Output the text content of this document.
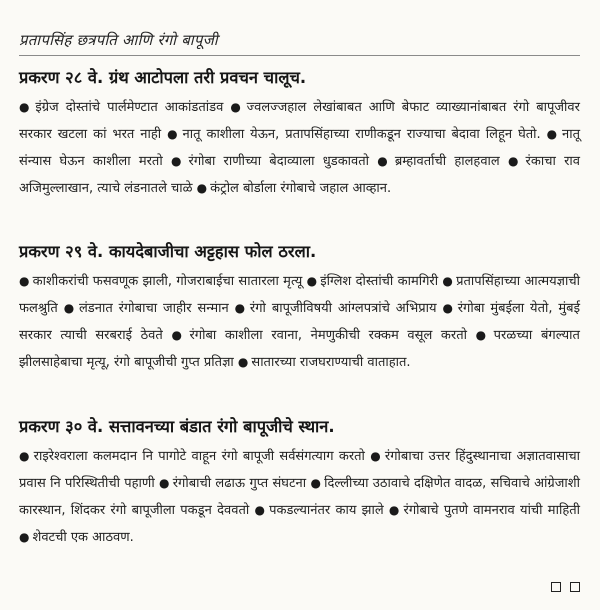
प्रतापसिंह छत्रपति आणि रंगो बापूजी
प्रकरण २८ वे. ग्रंथ आटोपला तरी प्रवचन चालूच.

● इंग्रेज दोस्तांचे पार्लमेण्टात आकांडतांडव ● ज्वलज्जहाल लेखांबाबत आणि बेफाट व्याख्यानांबाबत रंगो बापूजीवर सरकार खटला कां भरत नाही ● नातू काशीला येऊन, प्रतापसिंहाच्या राणीकडून राज्याचा बेदावा लिहून घेतो. ● नातू संन्यास घेऊन काशीला मरतो ● रंगोबा राणीच्या बेदाव्याला धुडकावतो ● ब्रम्हावर्ताची हालहवाल ● रंकाचा राव अजिमुल्लाखान, त्याचे लंडनातले चाळे ● कंट्रोल बोर्डाला रंगोबाचे जहाल आव्हान.

प्रकरण २९ वे. कायदेबाजीचा अट्टहास फोल ठरला.

● काशीकरांची फसवणूक झाली, गोजराबाईचा सातारला मृत्यू ● इंग्लिश दोस्तांची कामगिरी ● प्रतापसिंहाच्या आत्मयज्ञाची फलश्रुति ● लंडनात रंगोबाचा जाहीर सन्मान ● रंगो बापूजीविषयी आंग्लपत्रांचे अभिप्राय ● रंगोबा मुंबईला येतो, मुंबई सरकार त्याची सरबराई ठेवते ● रंगोबा काशीला रवाना, नेमणुकीची रक्कम वसूल करतो ● परळच्या बंगल्यात झीलसाहेबाचा मृत्यू, रंगो बापूजीची गुप्त प्रतिज्ञा ● सातारच्या राजघराण्याची वाताहात.

प्रकरण ३० वे. सत्तावनच्या बंडात रंगो बापूजीचे स्थान.

● राइरेश्वराला कलमदान नि पागोटे वाहून रंगो बापूजी सर्वसंगत्याग करतो ● रंगोबाचा उत्तर हिंदुस्थानाचा अज्ञातवासाचा प्रवास नि परिस्थितीची पहाणी ● रंगोबाची लढाऊ गुप्त संघटना ● दिल्लीच्या उठावाचे दक्षिणेत वादळ, सचिवाचे आंग्रेजाशी कारस्थान, शिंदकर रंगो बापूजीला पकडून देववतो ● पकडल्यानंतर काय झाले ● रंगोबाचे पुतणे वामनराव यांची माहिती ● शेवटची एक आठवण.
